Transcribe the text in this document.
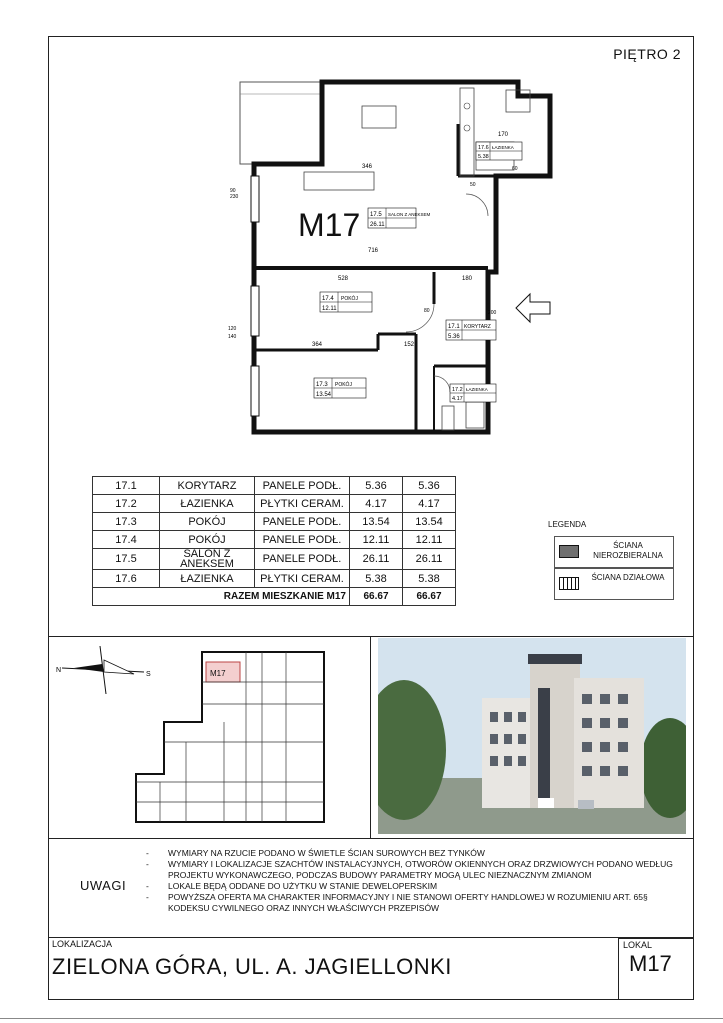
PIĘTRO 2
M17 17.5 SALON Z ANEKSEM
26.11
17.4 POKÓJ
12.11
17.1 KORYTARZ
5.36
17.3 POKÓJ
13.54
17.2 ŁAZIENKA
4.17
17.6 ŁAZIENKA
5.38
346
716
528	180
364	152
90
230
120
140
200
80
170
50
60
17.1	KORYTARZ	PANELE PODŁ.	5.36	5.36
17.2	ŁAZIENKA	PŁYTKI CERAM.	4.17	4.17
17.3	POKÓJ	PANELE PODŁ.	13.54	13.54
17.4	POKÓJ	PANELE PODŁ.	12.11	12.11
17.5	SALON Z ANEKSEM	PANELE PODŁ.	26.11	26.11
17.6	ŁAZIENKA	PŁYTKI CERAM.	5.38	5.38
RAZEM MIESZKANIE M17			66.67	66.67
LEGENDA
ŚCIANA NIEROZBIERALNA
ŚCIANA DZIAŁOWA
N
S	M17
UWAGI
- WYMIARY NA RZUCIE PODANO W ŚWIETLE ŚCIAN SUROWYCH BEZ TYNKÓW
- WYMIARY I LOKALIZACJE SZACHTÓW INSTALACYJNYCH, OTWORÓW OKIENNYCH ORAZ DRZWIOWYCH PODANO WEDŁUG PROJEKTU WYKONAWCZEGO, PODCZAS BUDOWY PARAMETRY MOGĄ ULEC NIEZNACZNYM ZMIANOM
- LOKALE BĘDĄ ODDANE DO UŻYTKU W STANIE DEWELOPERSKIM
- POWYŻSZA OFERTA MA CHARAKTER INFORMACYJNY I NIE STANOWI OFERTY HANDLOWEJ W ROZUMIENIU ART. 65§ KODEKSU CYWILNEGO ORAZ INNYCH WŁAŚCIWYCH PRZEPISÓW
LOKALIZACJA
ZIELONA GÓRA, UL. A. JAGIELLONKI
LOKAL
M17
